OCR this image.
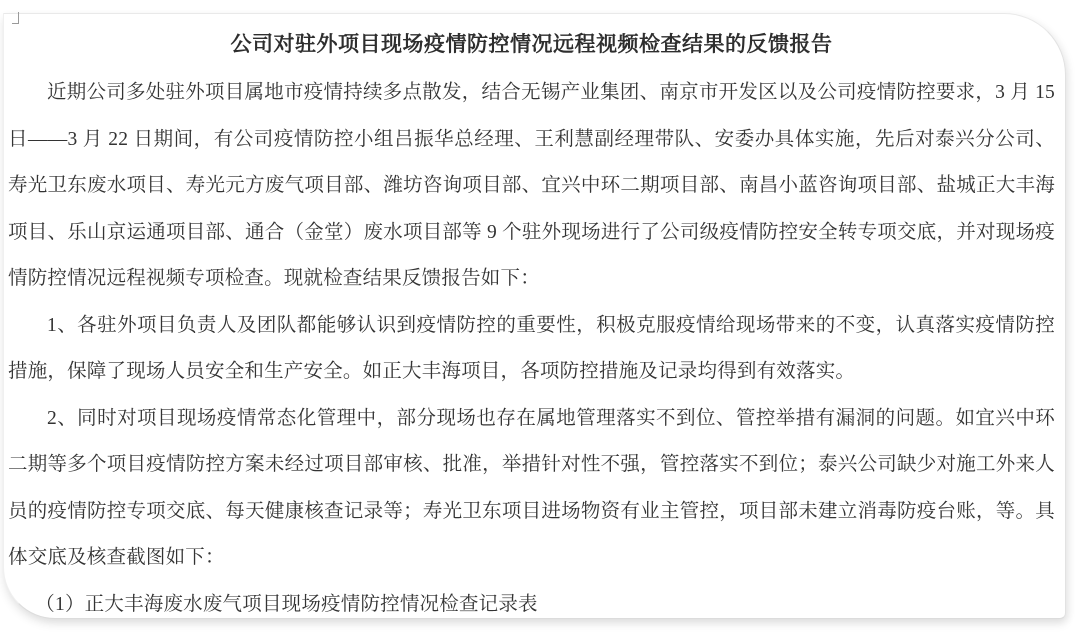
公司对驻外项目现场疫情防控情况远程视频检查结果的反馈报告

近期公司多处驻外项目属地市疫情持续多点散发，结合无锡产业集团、南京市开发区以及公司疫情防控要求，3 月 15 日——3 月 22 日期间，有公司疫情防控小组吕振华总经理、王利慧副经理带队、安委办具体实施，先后对泰兴分公司、寿光卫东废水项目、寿光元方废气项目部、潍坊咨询项目部、宜兴中环二期项目部、南昌小蓝咨询项目部、盐城正大丰海项目、乐山京运通项目部、通合（金堂）废水项目部等 9 个驻外现场进行了公司级疫情防控安全转专项交底，并对现场疫情防控情况远程视频专项检查。现就检查结果反馈报告如下：

1、各驻外项目负责人及团队都能够认识到疫情防控的重要性，积极克服疫情给现场带来的不变，认真落实疫情防控措施，保障了现场人员安全和生产安全。如正大丰海项目，各项防控措施及记录均得到有效落实。

2、同时对项目现场疫情常态化管理中，部分现场也存在属地管理落实不到位、管控举措有漏洞的问题。如宜兴中环二期等多个项目疫情防控方案未经过项目部审核、批准，举措针对性不强，管控落实不到位；泰兴公司缺少对施工外来人员的疫情防控专项交底、每天健康核查记录等；寿光卫东项目进场物资有业主管控，项目部未建立消毒防疫台账，等。具体交底及核查截图如下：

（1）正大丰海废水废气项目现场疫情防控情况检查记录表
